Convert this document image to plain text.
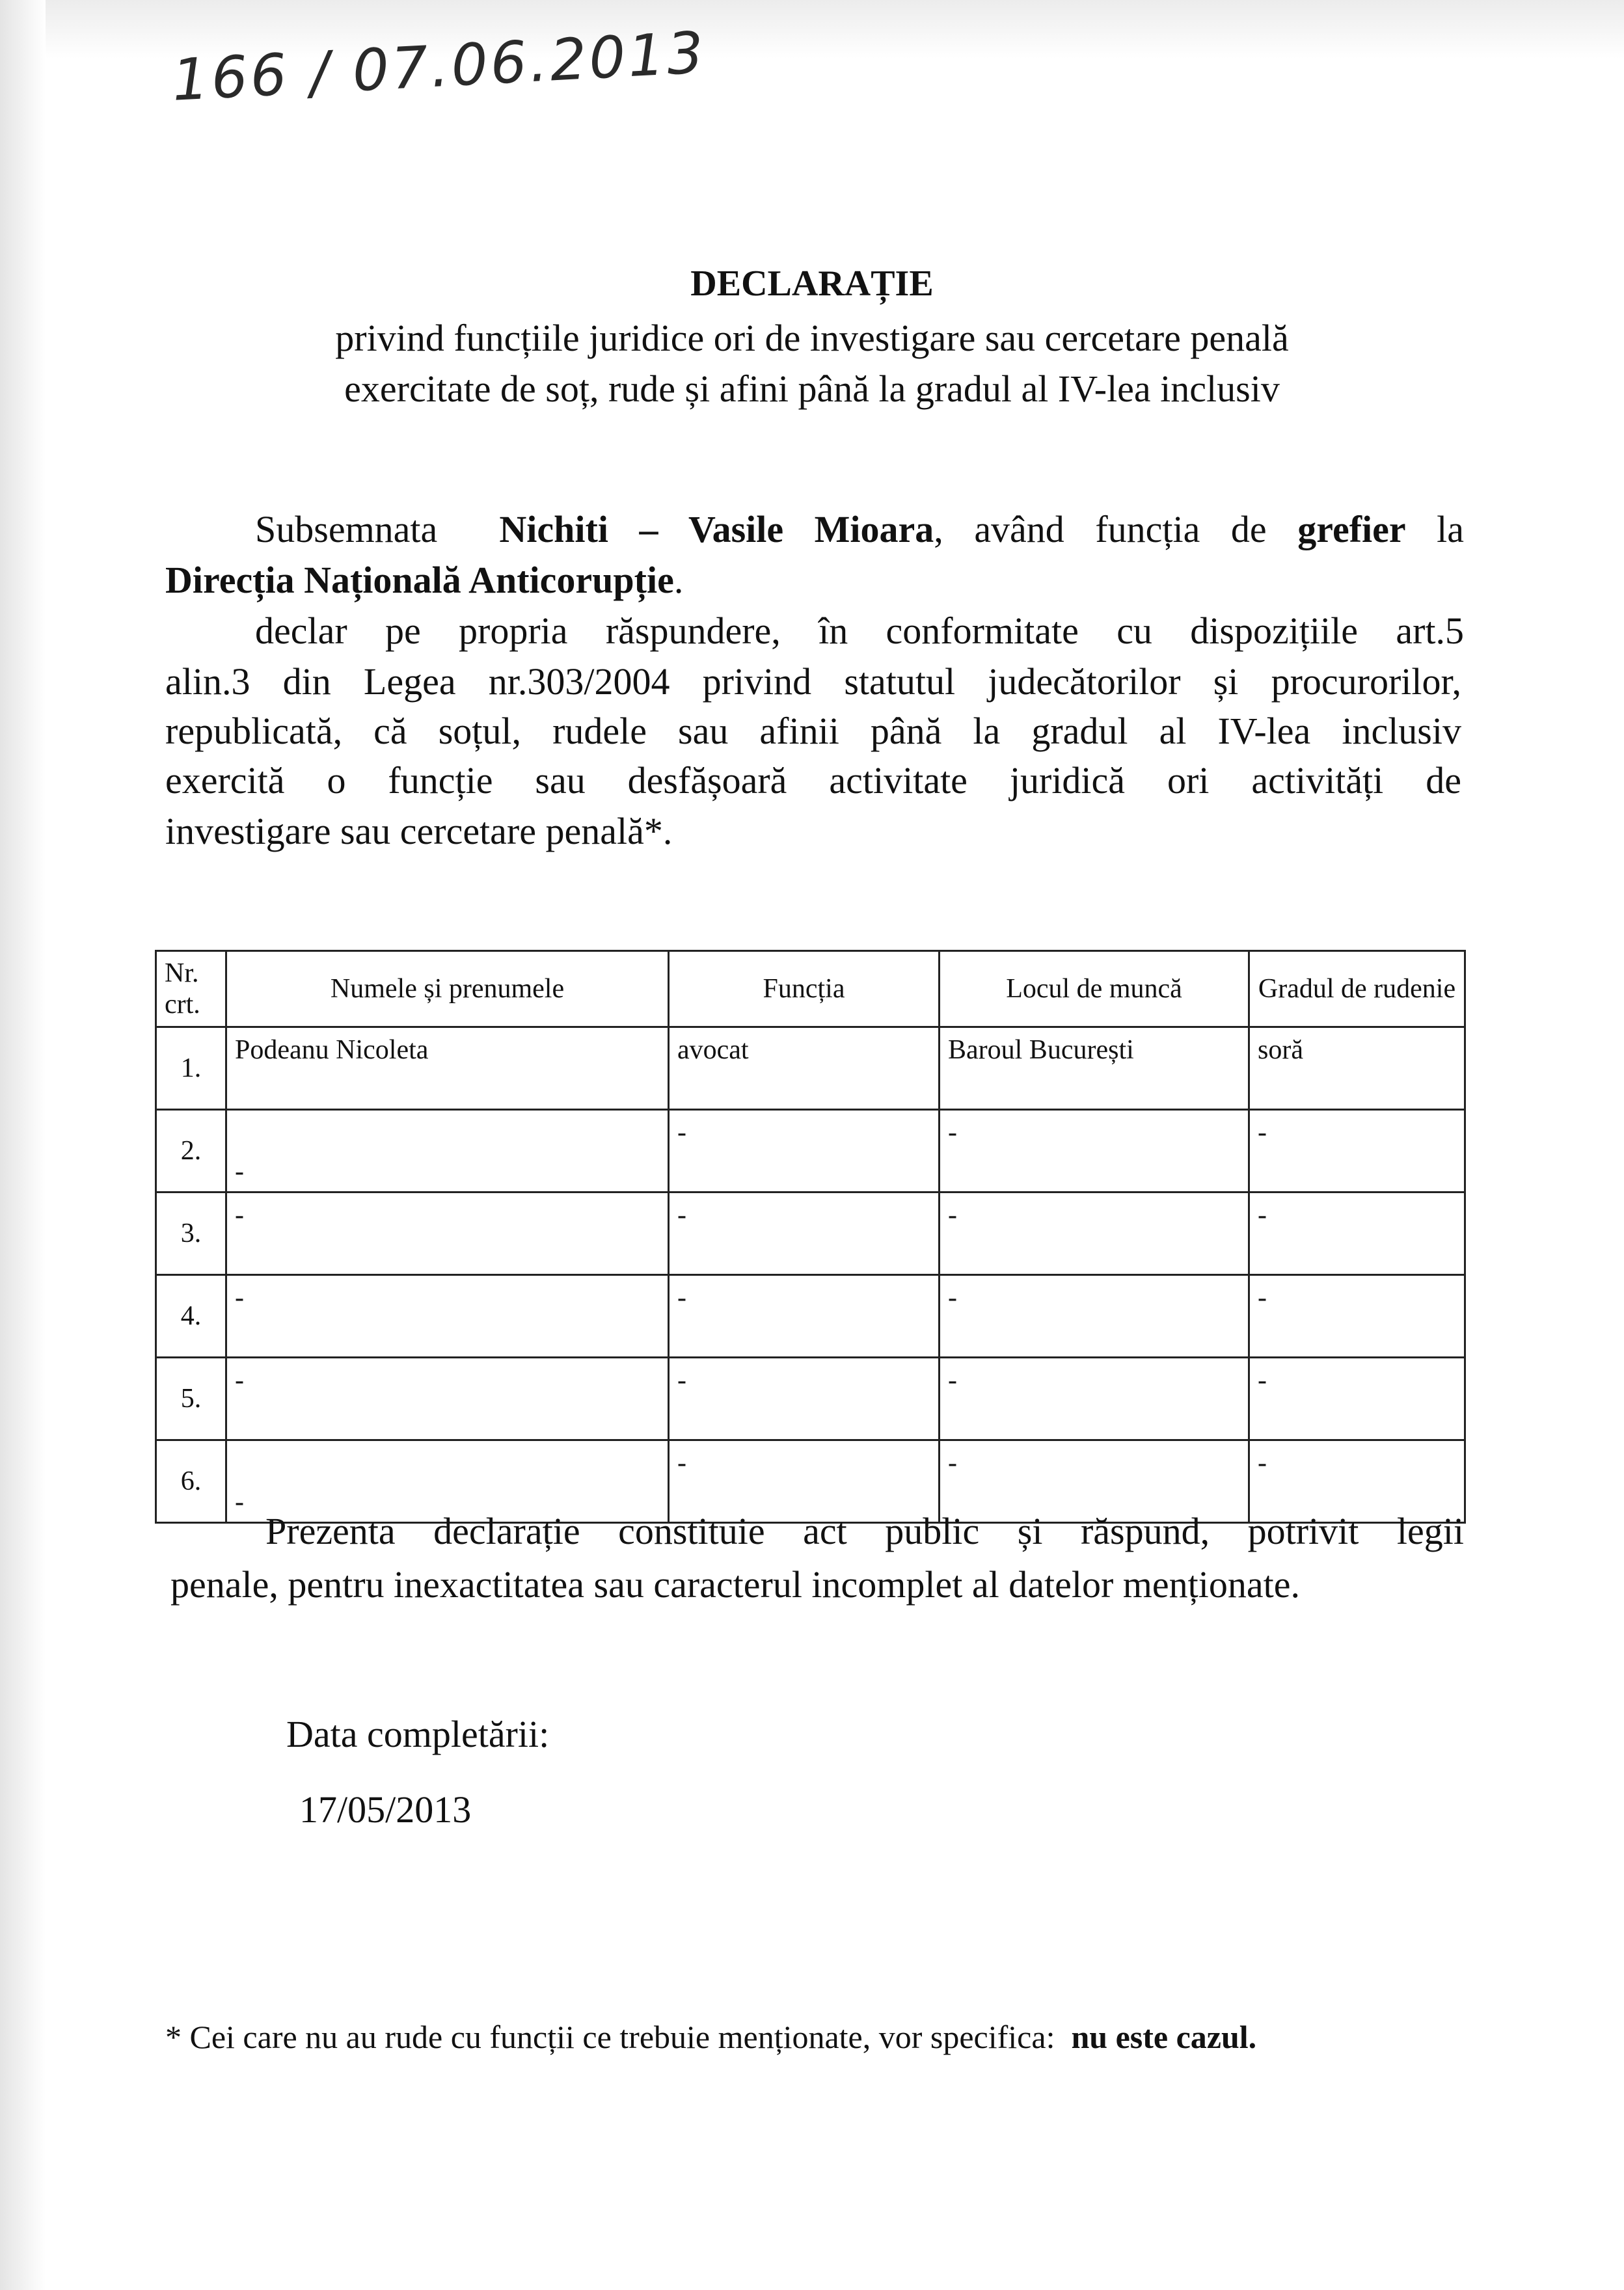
166 / 07.06.2013
DECLARAȚIE
privind funcțiile juridice ori de investigare sau cercetare penală
exercitate de soț, rude și afini până la gradul al IV-lea inclusiv
Subsemnata Nichiti – Vasile Mioara, având funcția de grefier la
Direcția Națională Anticorupție.
declar pe propria răspundere, în conformitate cu dispozițiile art.5
alin.3 din Legea nr.303/2004 privind statutul judecătorilor și procurorilor,
republicată, că soțul, rudele sau afinii până la gradul al IV-lea inclusiv
exercită o funcție sau desfășoară activitate juridică ori activități de
investigare sau cercetare penală*.
Nr. crt.	Numele și prenumele	Funcția	Locul de muncă	Gradul de rudenie
1.	Podeanu Nicoleta	avocat	Baroul București	soră
2.	-	-	-	-
3.	-	-	-	-
4.	-	-	-	-
5.	-	-	-	-
6.	-	-	-	-
Prezenta declarație constituie act public și răspund, potrivit legii
penale, pentru inexactitatea sau caracterul incomplet al datelor menționate.
Data completării:
17/05/2013
* Cei care nu au rude cu funcții ce trebuie menționate, vor specifica: nu este cazul.
